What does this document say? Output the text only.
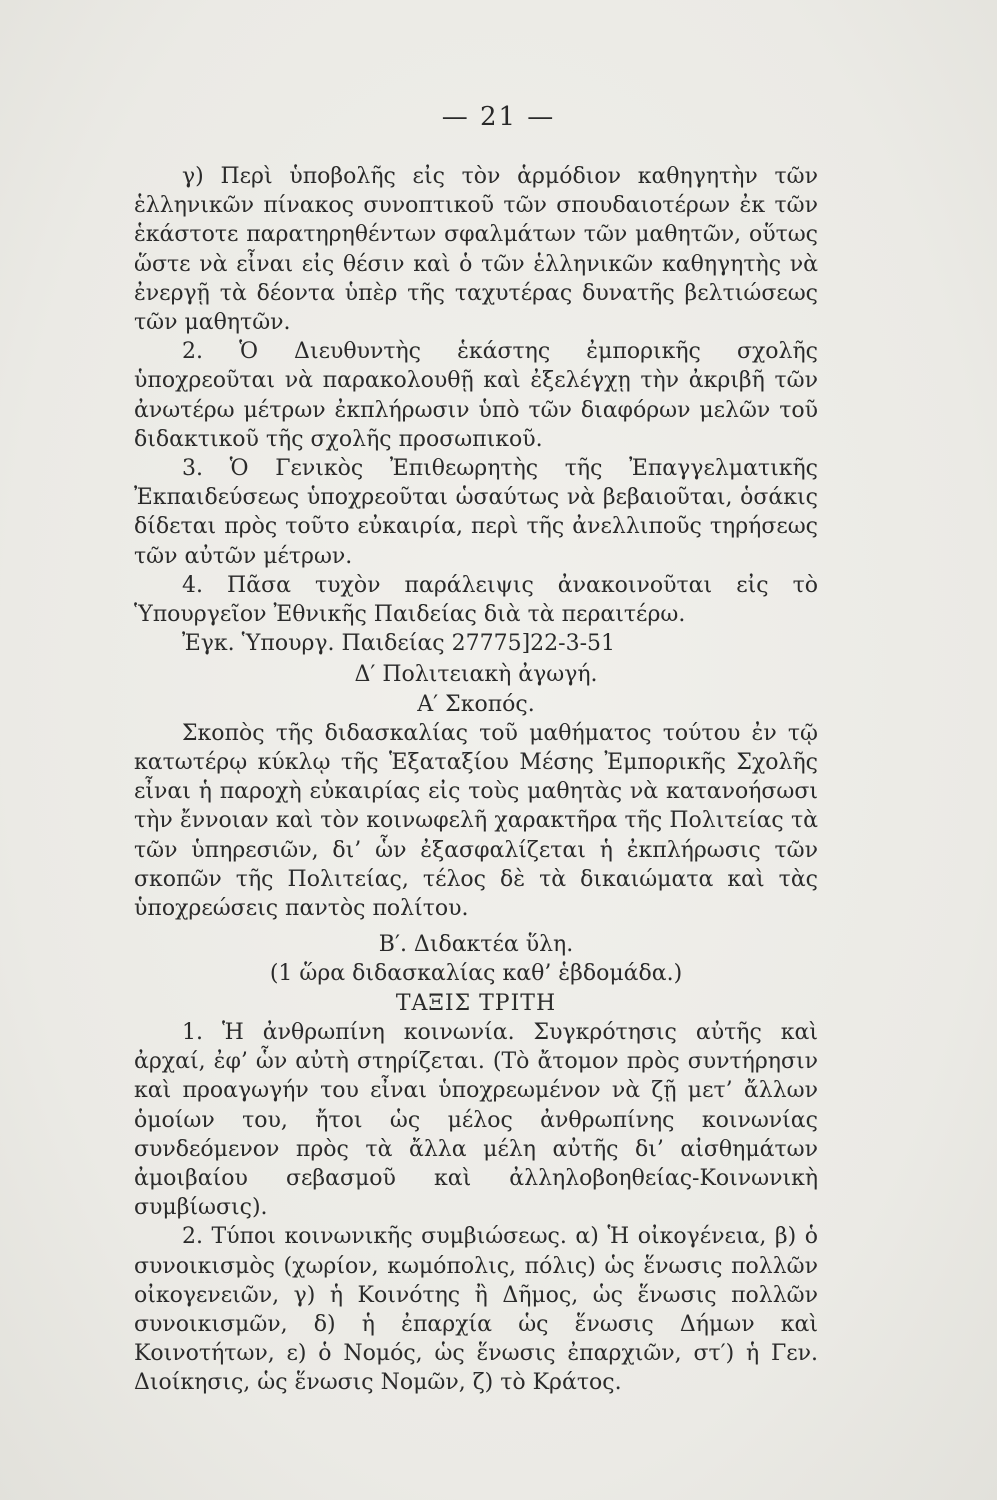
— 21 —

γ) Περὶ ὑποβολῆς εἰς τὸν ἁρμόδιον καθηγητὴν τῶν ἑλληνικῶν πίνακος συνοπτικοῦ τῶν σπουδαιοτέρων ἐκ τῶν ἑκάστοτε παρατηρηθέντων σφαλμάτων τῶν μαθητῶν, οὕτως ὥστε νὰ εἶναι εἰς θέσιν καὶ ὁ τῶν ἑλληνικῶν καθηγητὴς νὰ ἐνεργῇ τὰ δέοντα ὑπὲρ τῆς ταχυτέρας δυνατῆς βελτιώσεως τῶν μαθητῶν.

2. Ὁ Διευθυντὴς ἑκάστης ἐμπορικῆς σχολῆς ὑποχρεοῦται νὰ παρακολουθῇ καὶ ἐξελέγχῃ τὴν ἀκριβῆ τῶν ἀνωτέρω μέτρων ἐκπλήρωσιν ὑπὸ τῶν διαφόρων μελῶν τοῦ διδακτικοῦ τῆς σχολῆς προσωπικοῦ.

3. Ὁ Γενικὸς Ἐπιθεωρητὴς τῆς Ἐπαγγελματικῆς Ἐκπαιδεύσεως ὑποχρεοῦται ὡσαύτως νὰ βεβαιοῦται, ὁσάκις δίδεται πρὸς τοῦτο εὐκαιρία, περὶ τῆς ἀνελλιποῦς τηρήσεως τῶν αὐτῶν μέτρων.

4. Πᾶσα τυχὸν παράλειψις ἀνακοινοῦται εἰς τὸ Ὑπουργεῖον Ἐθνικῆς Παιδείας διὰ τὰ περαιτέρω.

Ἐγκ. Ὑπουργ. Παιδείας 27775]22-3-51

Δ′ Πολιτειακὴ ἀγωγή.

Α′ Σκοπός.

Σκοπὸς τῆς διδασκαλίας τοῦ μαθήματος τούτου ἐν τῷ κατωτέρῳ κύκλῳ τῆς Ἑξαταξίου Μέσης Ἐμπορικῆς Σχολῆς εἶναι ἡ παροχὴ εὐκαιρίας εἰς τοὺς μαθητὰς νὰ κατανοήσωσι τὴν ἔννοιαν καὶ τὸν κοινωφελῆ χαρακτῆρα τῆς Πολιτείας τὰ τῶν ὑπηρεσιῶν, δι’ ὧν ἐξασφαλίζεται ἡ ἐκπλήρωσις τῶν σκοπῶν τῆς Πολιτείας, τέλος δὲ τὰ δικαιώματα καὶ τὰς ὑποχρεώσεις παντὸς πολίτου.

Β′. Διδακτέα ὕλη.

(1 ὥρα διδασκαλίας καθ’ ἑβδομάδα.)

ΤΑΞΙΣ ΤΡΙΤΗ

1. Ἡ ἀνθρωπίνη κοινωνία. Συγκρότησις αὐτῆς καὶ ἀρχαί, ἐφ’ ὧν αὐτὴ στηρίζεται. (Τὸ ἄτομον πρὸς συντήρησιν καὶ προαγωγήν του εἶναι ὑποχρεωμένον νὰ ζῇ μετ’ ἄλλων ὁμοίων του, ἤτοι ὡς μέλος ἀνθρωπίνης κοινωνίας συνδεόμενον πρὸς τὰ ἄλλα μέλη αὐτῆς δι’ αἰσθημάτων ἀμοιβαίου σεβασμοῦ καὶ ἀλληλοβοηθείας-Κοινωνικὴ συμβίωσις).

2. Τύποι κοινωνικῆς συμβιώσεως. α) Ἡ οἰκογένεια, β) ὁ συνοικισμὸς (χωρίον, κωμόπολις, πόλις) ὡς ἕνωσις πολλῶν οἰκογενειῶν, γ) ἡ Κοινότης ἢ Δῆμος, ὡς ἕνωσις πολλῶν συνοικισμῶν, δ) ἡ ἐπαρχία ὡς ἕνωσις Δήμων καὶ Κοινοτήτων, ε) ὁ Νομός, ὡς ἕνωσις ἐπαρχιῶν, στ′) ἡ Γεν. Διοίκησις, ὡς ἕνωσις Νομῶν, ζ) τὸ Κράτος.
